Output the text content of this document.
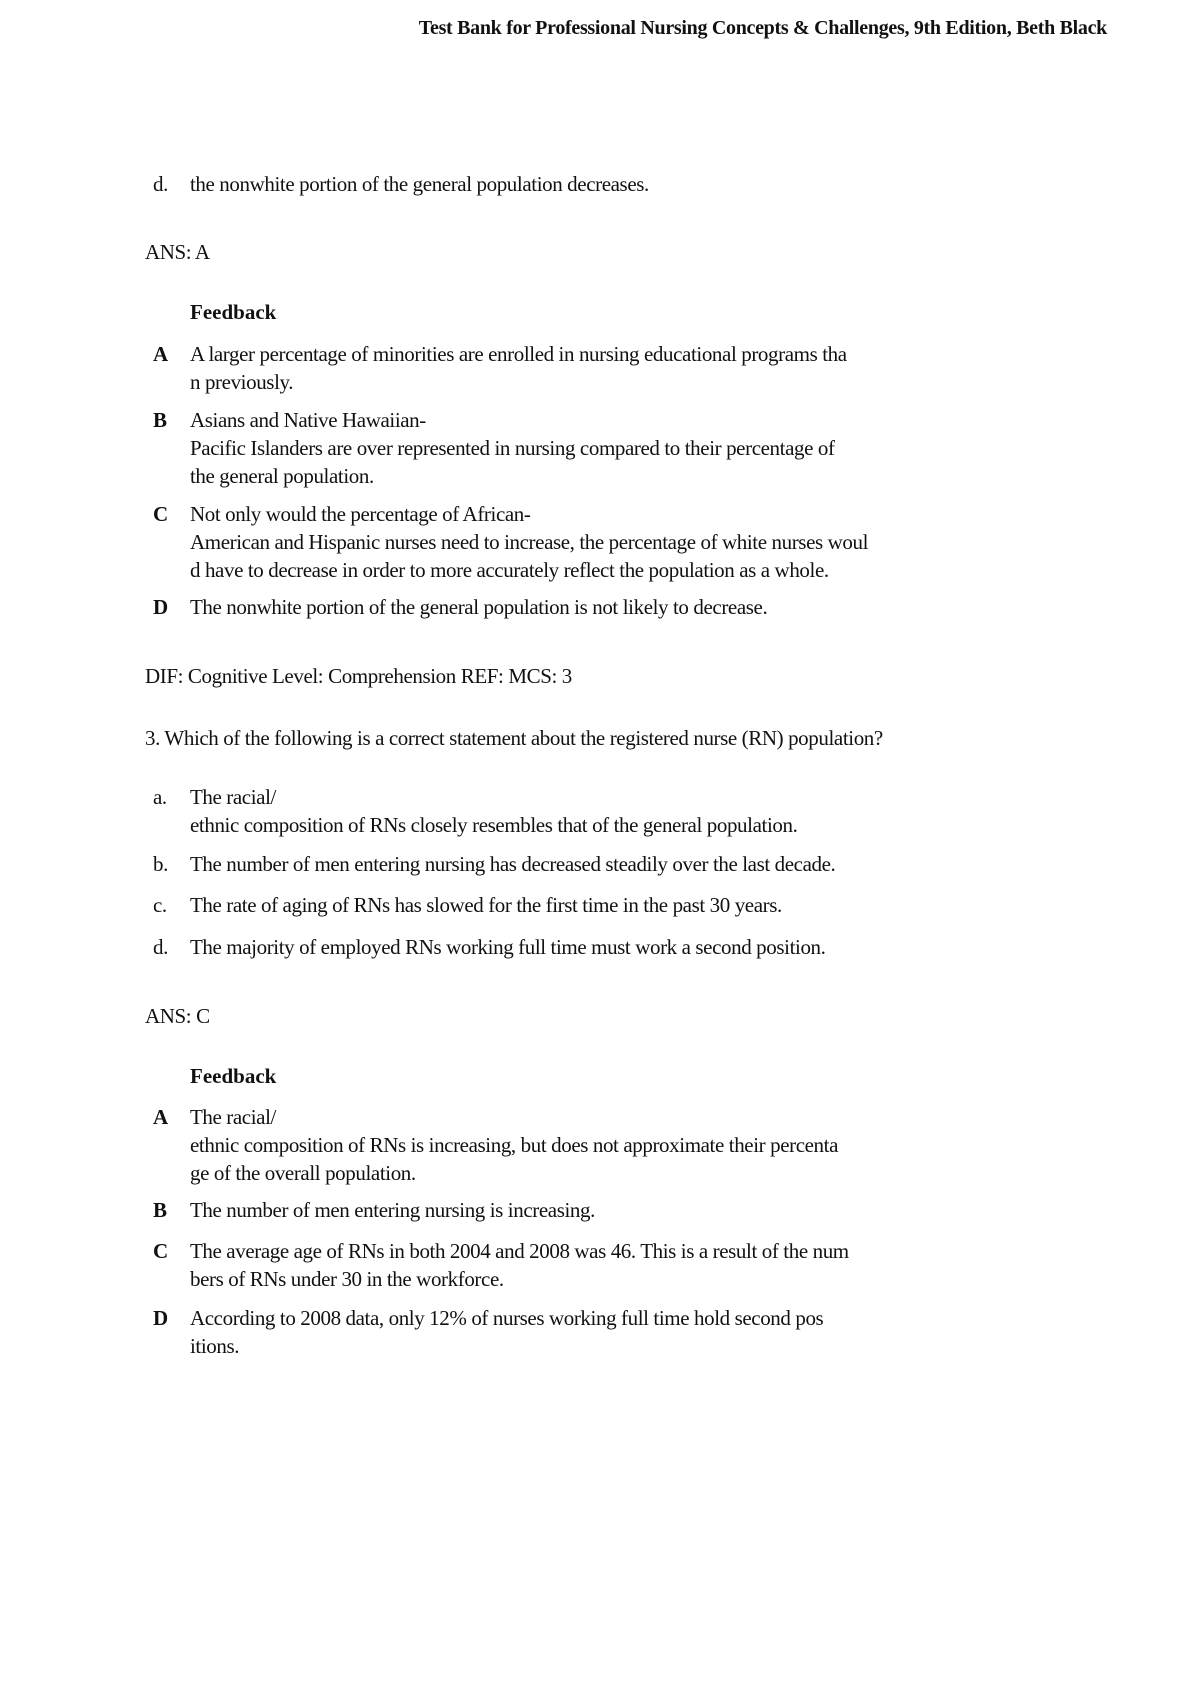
Test Bank for Professional Nursing Concepts & Challenges, 9th Edition, Beth Black
d.	the nonwhite portion of the general population decreases.
ANS: A
Feedback
A	A larger percentage of minorities are enrolled in nursing educational programs tha
n previously.
B	Asians and Native Hawaiian-
Pacific Islanders are over represented in nursing compared to their percentage of
the general population.
C	Not only would the percentage of African-
American and Hispanic nurses need to increase, the percentage of white nurses woul
d have to decrease in order to more accurately reflect the population as a whole.
D	The nonwhite portion of the general population is not likely to decrease.
DIF: Cognitive Level: Comprehension REF: MCS: 3
3. Which of the following is a correct statement about the registered nurse (RN) population?
a.	The racial/
ethnic composition of RNs closely resembles that of the general population.
b.	The number of men entering nursing has decreased steadily over the last decade.
c.	The rate of aging of RNs has slowed for the first time in the past 30 years.
d.	The majority of employed RNs working full time must work a second position.
ANS: C
Feedback
A	The racial/
ethnic composition of RNs is increasing, but does not approximate their percenta
ge of the overall population.
B	The number of men entering nursing is increasing.
C	The average age of RNs in both 2004 and 2008 was 46. This is a result of the num
bers of RNs under 30 in the workforce.
D	According to 2008 data, only 12% of nurses working full time hold second pos
itions.
